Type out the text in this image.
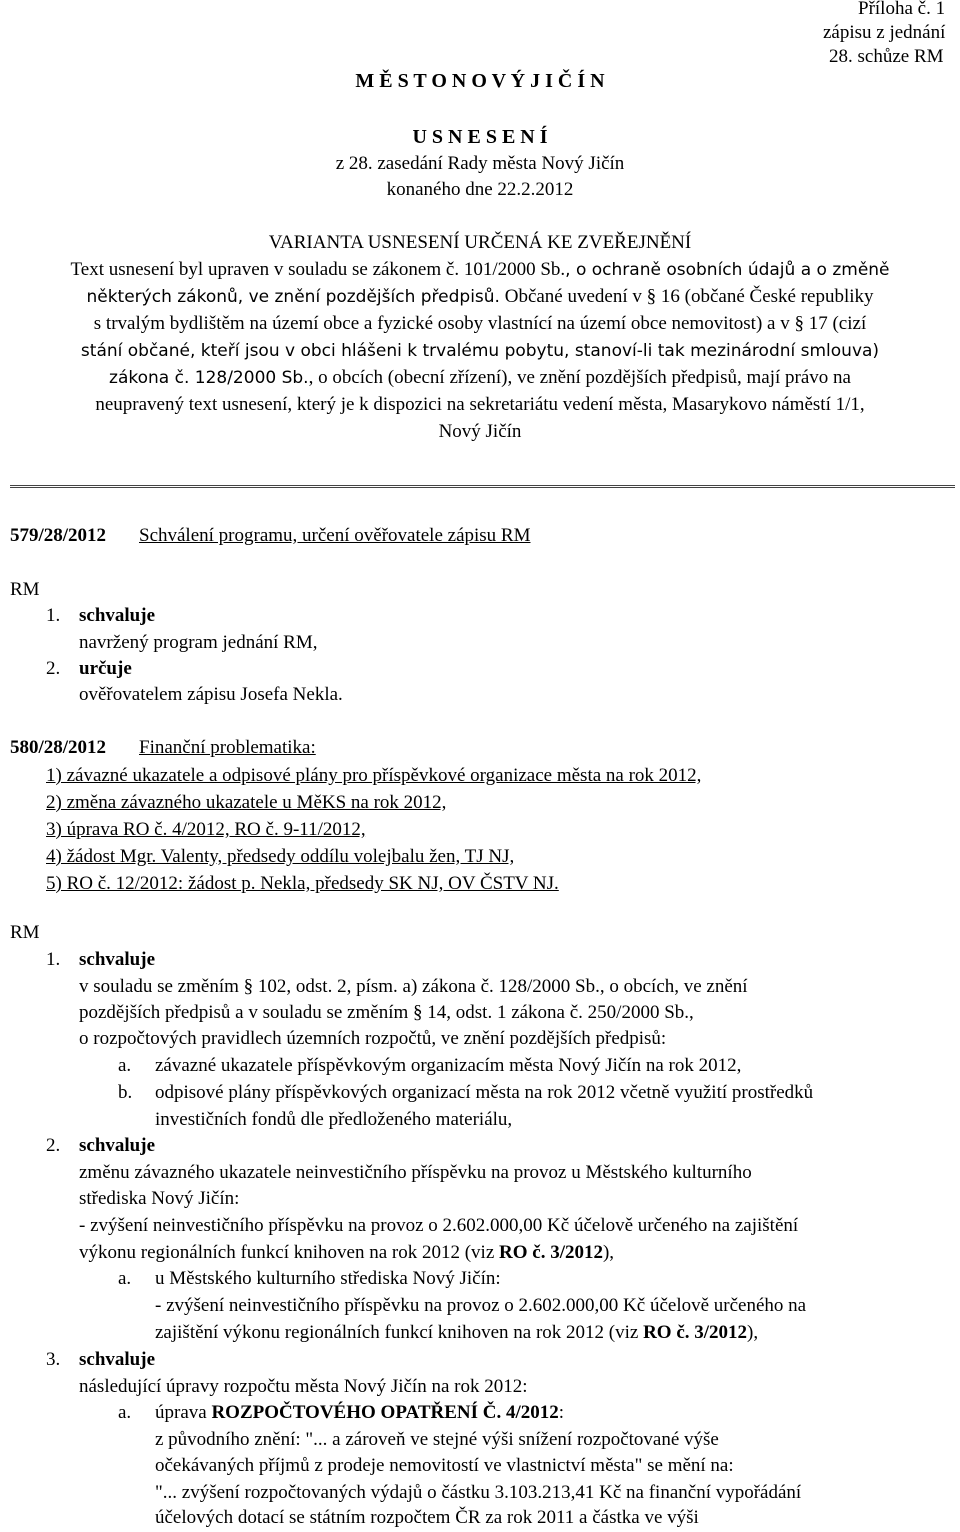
Příloha č. 1
zápisu z jednání
28. schůze RM
M Ě S T O N O V Ý J I Č Í N
U S N E S E N Í
z 28. zasedání Rady města Nový Jičín
konaného dne 22.2.2012
VARIANTA USNESENÍ URČENÁ KE ZVEŘEJNĚNÍ
Text usnesení byl upraven v souladu se zákonem č. 101/2000 Sb., o ochraně osobních údajů a o změně
některých zákonů, ve znění pozdějších předpisů. Občané uvedení v § 16 (občané České republiky
s trvalým bydlištěm na území obce a fyzické osoby vlastnící na území obce nemovitost) a v § 17 (cizí
stání občané, kteří jsou v obci hlášeni k trvalému pobytu, stanoví-li tak mezinárodní smlouva)
zákona č. 128/2000 Sb., o obcích (obecní zřízení), ve znění pozdějších předpisů, mají právo na
neupravený text usnesení, který je k dispozici na sekretariátu vedení města, Masarykovo náměstí 1/1,
Nový Jičín
579/28/2012 Schválení programu, určení ověřovatele zápisu RM
RM
1. schvaluje
navržený program jednání RM,
2. určuje
ověřovatelem zápisu Josefa Nekla.
580/28/2012 Finanční problematika:
1) závazné ukazatele a odpisové plány pro příspěvkové organizace města na rok 2012,
2) změna závazného ukazatele u MěKS na rok 2012,
3) úprava RO č. 4/2012, RO č. 9-11/2012,
4) žádost Mgr. Valenty, předsedy oddílu volejbalu žen, TJ NJ,
5) RO č. 12/2012: žádost p. Nekla, předsedy SK NJ, OV ČSTV NJ.
RM
1. schvaluje
v souladu se změním § 102, odst. 2, písm. a) zákona č. 128/2000 Sb., o obcích, ve znění
pozdějších předpisů a v souladu se změním § 14, odst. 1 zákona č. 250/2000 Sb.,
o rozpočtových pravidlech územních rozpočtů, ve znění pozdějších předpisů:
a. závazné ukazatele příspěvkovým organizacím města Nový Jičín na rok 2012,
b. odpisové plány příspěvkových organizací města na rok 2012 včetně využití prostředků
investičních fondů dle předloženého materiálu,
2. schvaluje
změnu závazného ukazatele neinvestičního příspěvku na provoz u Městského kulturního
střediska Nový Jičín:
- zvýšení neinvestičního příspěvku na provoz o 2.602.000,00 Kč účelově určeného na zajištění
výkonu regionálních funkcí knihoven na rok 2012 (viz RO č. 3/2012),
a. u Městského kulturního střediska Nový Jičín:
- zvýšení neinvestičního příspěvku na provoz o 2.602.000,00 Kč účelově určeného na
zajištění výkonu regionálních funkcí knihoven na rok 2012 (viz RO č. 3/2012),
3. schvaluje
následující úpravy rozpočtu města Nový Jičín na rok 2012:
a. úprava ROZPOČTOVÉHO OPATŘENÍ Č. 4/2012:
z původního znění: "... a zároveň ve stejné výši snížení rozpočtované výše
očekávaných příjmů z prodeje nemovitostí ve vlastnictví města" se mění na:
"... zvýšení rozpočtovaných výdajů o částku 3.103.213,41 Kč na finanční vypořádání
účelových dotací se státním rozpočtem ČR za rok 2011 a částka ve výši
